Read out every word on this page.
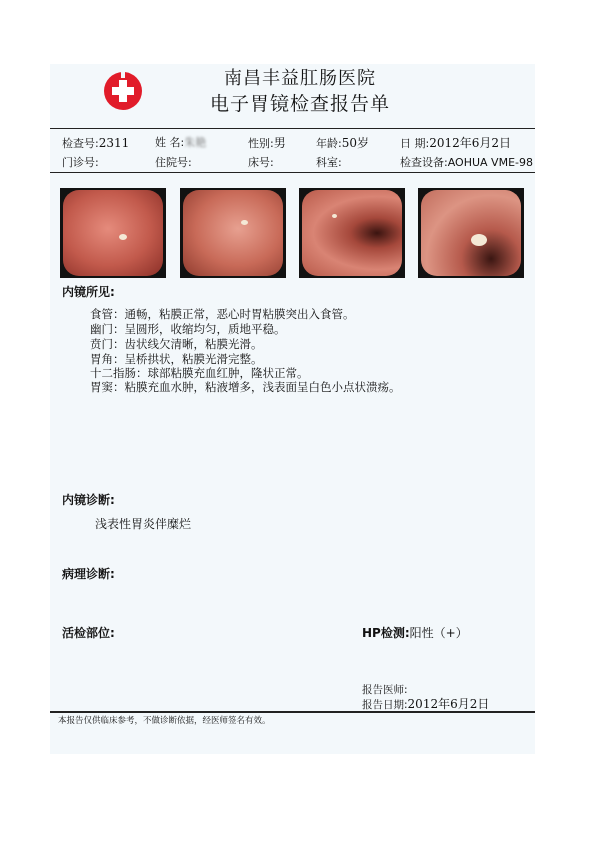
南昌丰益肛肠医院
电子胃镜检查报告单
检查号:2311 姓 名:朱艳	性别:男	年龄:50岁	日 期:2012年6月2日
门诊号:	住院号:	床号:	科室:	检查设备:AOHUA VME-98
内镜所见:
食管：通畅，粘膜正常，恶心时胃粘膜突出入食管。
幽门：呈圆形，收缩均匀，质地平稳。
贲门：齿状线欠清晰，粘膜光滑。
胃角：呈桥拱状，粘膜光滑完整。
十二指肠：球部粘膜充血红肿，隆状正常。
胃窦：粘膜充血水肿，粘液增多，浅表面呈白色小点状溃疡。
内镜诊断:
浅表性胃炎伴糜烂
病理诊断:
活检部位:	HP检测:阳性（+）
报告医师:
报告日期:2012年6月2日
本报告仅供临床参考，不做诊断依据，经医师签名有效。
